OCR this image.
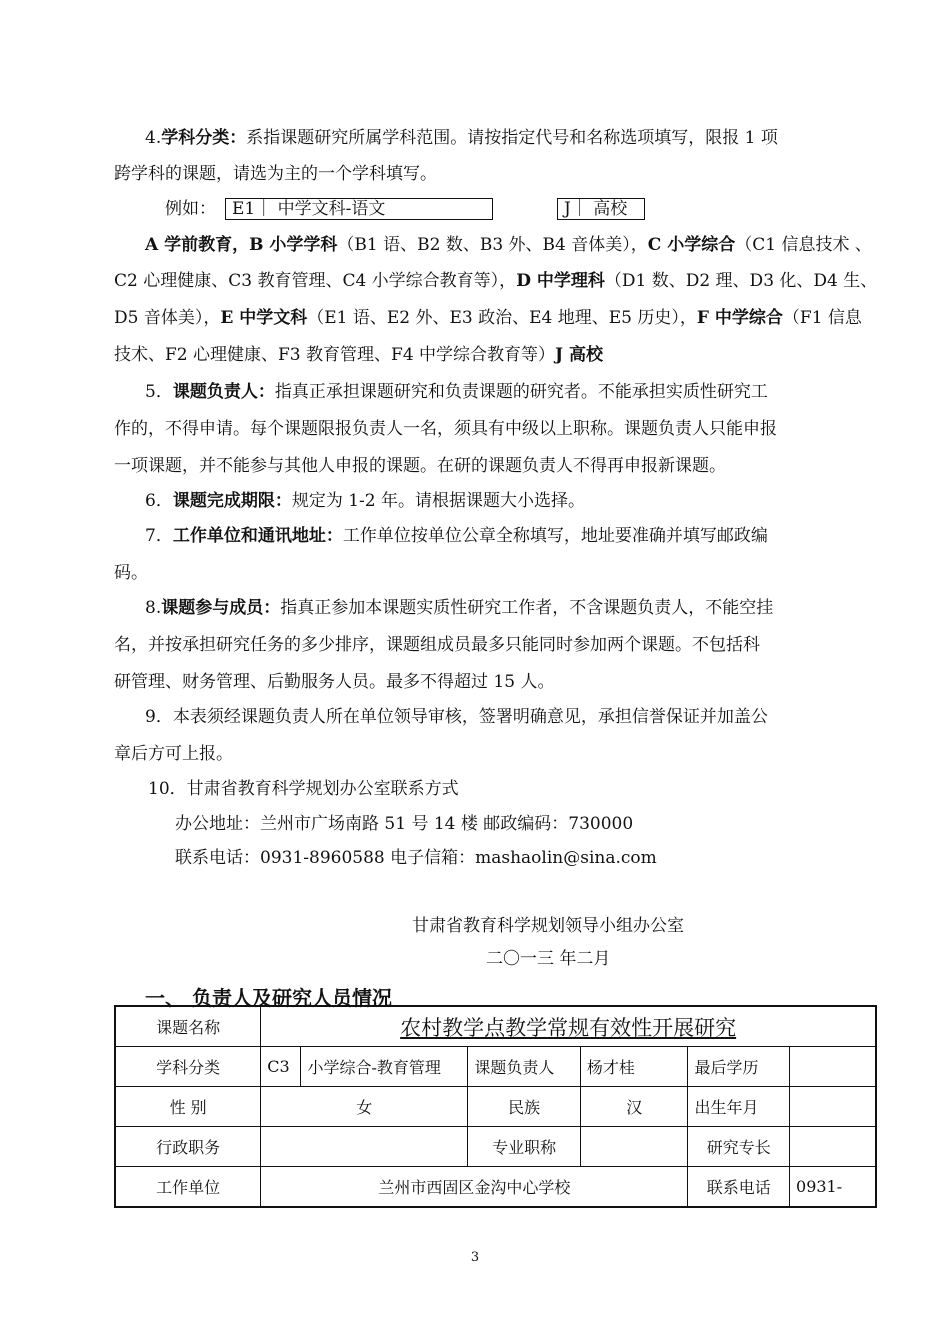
4.学科分类：系指课题研究所属学科范围。请按指定代号和名称选项填写，限报 1 项
跨学科的课题，请选为主的一个学科填写。
例如： E1｜ 中学文科-语文	J｜ 高校
A 学前教育，B 小学学科（B1 语、B2 数、B3 外、B4 音体美），C 小学综合（C1 信息技术 、
C2 心理健康、C3 教育管理、C4 小学综合教育等），D 中学理科（D1 数、D2 理、D3 化、D4 生、
D5 音体美），E 中学文科（E1 语、E2 外、E3 政治、E4 地理、E5 历史），F 中学综合（F1 信息
技术、F2 心理健康、F3 教育管理、F4 中学综合教育等）J 高校
5．课题负责人：指真正承担课题研究和负责课题的研究者。不能承担实质性研究工
作的，不得申请。每个课题限报负责人一名，须具有中级以上职称。课题负责人只能申报
一项课题，并不能参与其他人申报的课题。在研的课题负责人不得再申报新课题。
6．课题完成期限：规定为 1-2 年。请根据课题大小选择。
7．工作单位和通讯地址：工作单位按单位公章全称填写，地址要准确并填写邮政编
码。
8.课题参与成员：指真正参加本课题实质性研究工作者，不含课题负责人，不能空挂
名，并按承担研究任务的多少排序，课题组成员最多只能同时参加两个课题。不包括科
研管理、财务管理、后勤服务人员。最多不得超过 15 人。
9．本表须经课题负责人所在单位领导审核，签署明确意见，承担信誉保证并加盖公
章后方可上报。
10．甘肃省教育科学规划办公室联系方式
办公地址：兰州市广场南路 51 号 14 楼 邮政编码：730000
联系电话：0931-8960588 电子信箱：mashaolin@sina.com
甘肃省教育科学规划领导小组办公室
二〇一三 年二月
一、 负责人及研究人员情况
课题名称	农村教学点教学常规有效性开展研究					
学科分类	C3	小学综合-教育管理	课题负责人	杨才桂	最后学历	
性 别	女		民族	汉	出生年月	
行政职务			专业职称		研究专长	
工作单位	兰州市西固区金沟中心学校				联系电话	0931-
3
